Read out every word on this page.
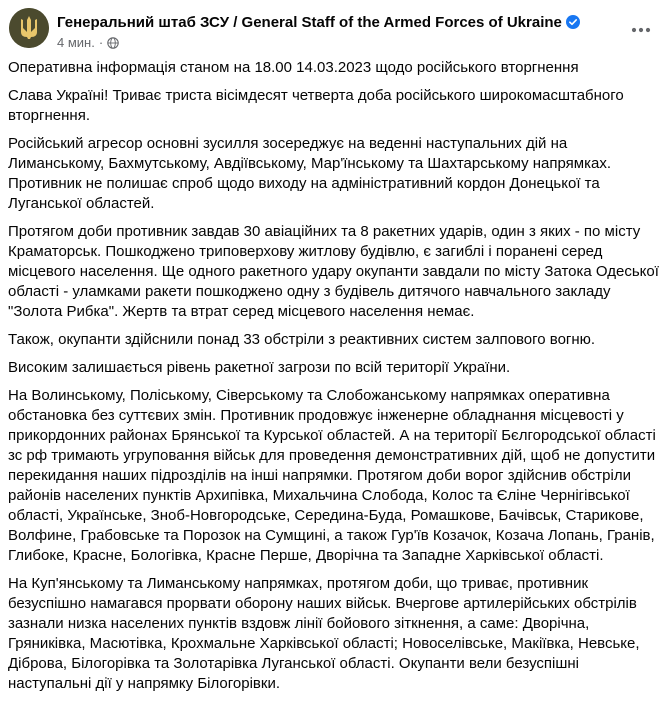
Генеральний штаб ЗСУ / General Staff of the Armed Forces of Ukraine
4 мин. ·

Оперативна інформація станом на 18.00 14.03.2023 щодо російського вторгнення

Слава Україні! Триває триста вісімдесят четверта доба російського широкомасштабного вторгнення.

Російський агресор основні зусилля зосереджує на веденні наступальних дій на Лиманському, Бахмутському, Авдіївському, Мар'їнському та Шахтарському напрямках. Противник не полишає спроб щодо виходу на адміністративний кордон Донецької та Луганської областей.

Протягом доби противник завдав 30 авіаційних та 8 ракетних ударів, один з яких - по місту Краматорськ. Пошкоджено триповерхову житлову будівлю, є загиблі і поранені серед місцевого населення. Ще одного ракетного удару окупанти завдали по місту Затока Одеської області - уламками ракети пошкоджено одну з будівель дитячого навчального закладу "Золота Рибка". Жертв та втрат серед місцевого населення немає.

Також, окупанти здійснили понад 33 обстріли з реактивних систем залпового вогню.

Високим залишається рівень ракетної загрози по всій території України.

На Волинському, Поліському, Сіверському та Слобожанському напрямках оперативна обстановка без суттєвих змін. Противник продовжує інженерне обладнання місцевості у прикордонних районах Брянської та Курської областей. А на території Бєлгородської області зс рф тримають угруповання військ для проведення демонстративних дій, щоб не допустити перекидання наших підрозділів на інші напрямки. Протягом доби ворог здійснив обстріли районів населених пунктів Архипівка, Михальчина Слобода, Колос та Єліне Чернігівської області, Українське, Зноб-Новгородське, Середина-Буда, Ромашкове, Бачівськ, Старикове, Волфине, Грабовське та Порозок на Сумщині, а також Гур'їв Козачок, Козача Лопань, Гранів, Глибоке, Красне, Бологівка, Красне Перше, Дворічна та Западне Харківської області.

На Куп'янському та Лиманському напрямках, протягом доби, що триває, противник безуспішно намагався прорвати оборону наших військ. Вчергове артилерійських обстрілів зазнали низка населених пунктів вздовж лінії бойового зіткнення, а саме: Дворічна, Гряниківка, Масютівка, Крохмальне Харківської області; Новоселівське, Макіївка, Невське, Діброва, Білогорівка та Золотарівка Луганської області. Окупанти вели безуспішні наступальні дії у напрямку Білогорівки.
